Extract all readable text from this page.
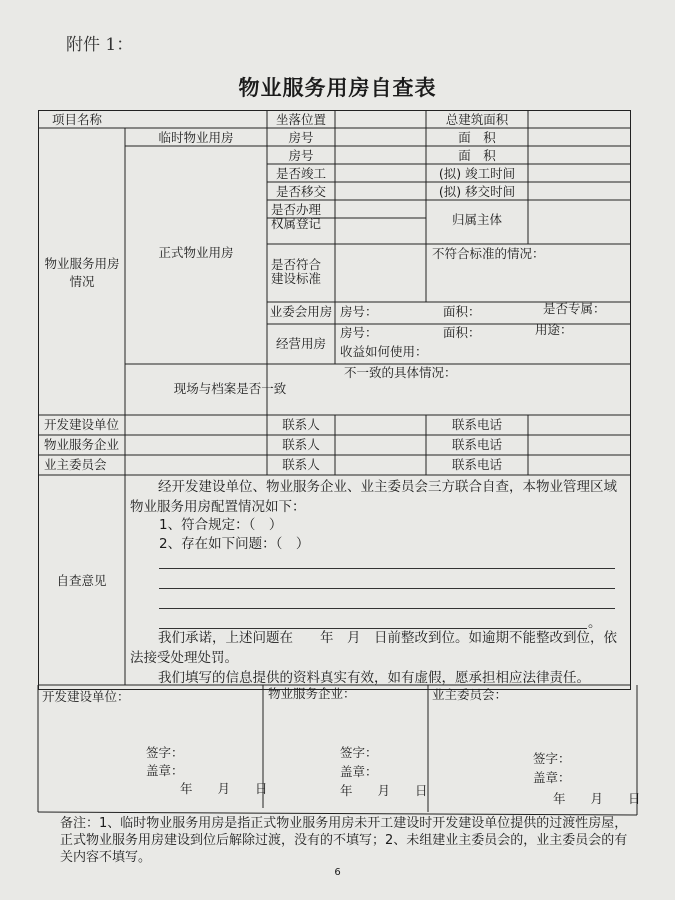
附件 1：
物业服务用房自查表
项目名称	坐落位置	总建筑面积
临时物业用房	房号	面　积
正式物业用房
房号	面　积
是否竣工	(拟) 竣工时间
是否移交	(拟) 移交时间
是否办理权属登记	归属主体
是否符合建设标准
不符合标准的情况：
业委会用房 房号：	面积：	是否专属：
经营用房
房号：	面积：	用途：
收益如何使用：
现场与档案是否一致
不一致的具体情况：
物业服务用房情况
开发建设单位	联系人	联系电话
物业服务企业	联系人	联系电话
业主委员会	联系人	联系电话
自查意见
经开发建设单位、物业服务企业、业主委员会三方联合自查，本物业管理区域物业服务用房配置情况如下：
1、符合规定：（　）
2、存在如下问题：（　）
。
我们承诺，上述问题在　　年　月　日前整改到位。如逾期不能整改到位，依法接受处理处罚。
我们填写的信息提供的资料真实有效，如有虚假，愿承担相应法律责任。
开发建设单位：	物业服务企业：	业主委员会：
签字：
盖章：
年　　月　　日
签字：
盖章：
年　　月　　日
签字：
盖章：
年　　月　　日
备注：1、临时物业服务用房是指正式物业服务用房未开工建设时开发建设单位提供的过渡性房屋，正式物业服务用房建设到位后解除过渡，没有的不填写；2、未组建业主委员会的，业主委员会的有关内容不填写。
6
